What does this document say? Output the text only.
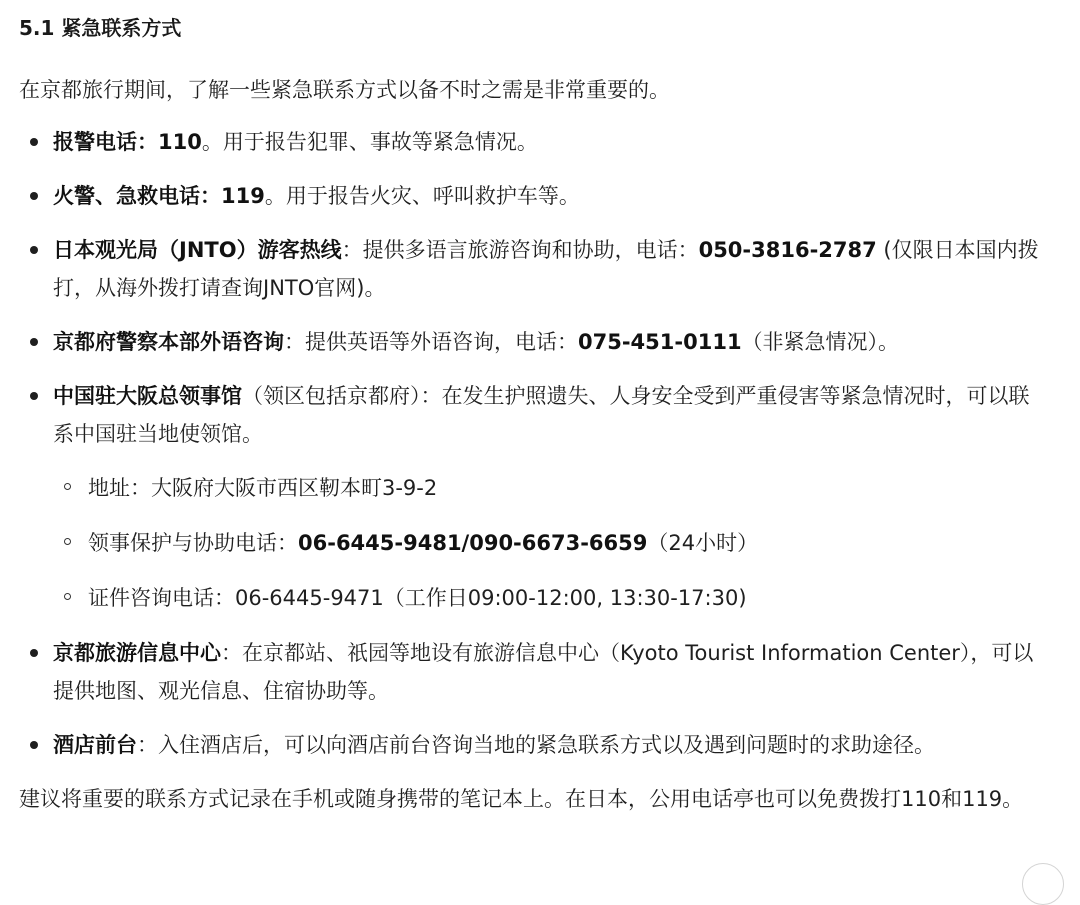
5.1 紧急联系方式

在京都旅行期间，了解一些紧急联系方式以备不时之需是非常重要的。

报警电话：110。用于报告犯罪、事故等紧急情况。
火警、急救电话：119。用于报告火灾、呼叫救护车等。
日本观光局（JNTO）游客热线：提供多语言旅游咨询和协助，电话：050-3816-2787 (仅限日本国内拨打，从海外拨打请查询JNTO官网)。
京都府警察本部外语咨询：提供英语等外语咨询，电话：075-451-0111（非紧急情况）。
中国驻大阪总领事馆（领区包括京都府）：在发生护照遗失、人身安全受到严重侵害等紧急情况时，可以联系中国驻当地使领馆。
地址：大阪府大阪市西区靭本町3-9-2
领事保护与协助电话：06-6445-9481/090-6673-6659（24小时）
证件咨询电话：06-6445-9471（工作日09:00-12:00, 13:30-17:30)
京都旅游信息中心：在京都站、祇园等地设有旅游信息中心（Kyoto Tourist Information Center），可以提供地图、观光信息、住宿协助等。
酒店前台：入住酒店后，可以向酒店前台咨询当地的紧急联系方式以及遇到问题时的求助途径。

建议将重要的联系方式记录在手机或随身携带的笔记本上。在日本，公用电话亭也可以免费拨打110和119。
